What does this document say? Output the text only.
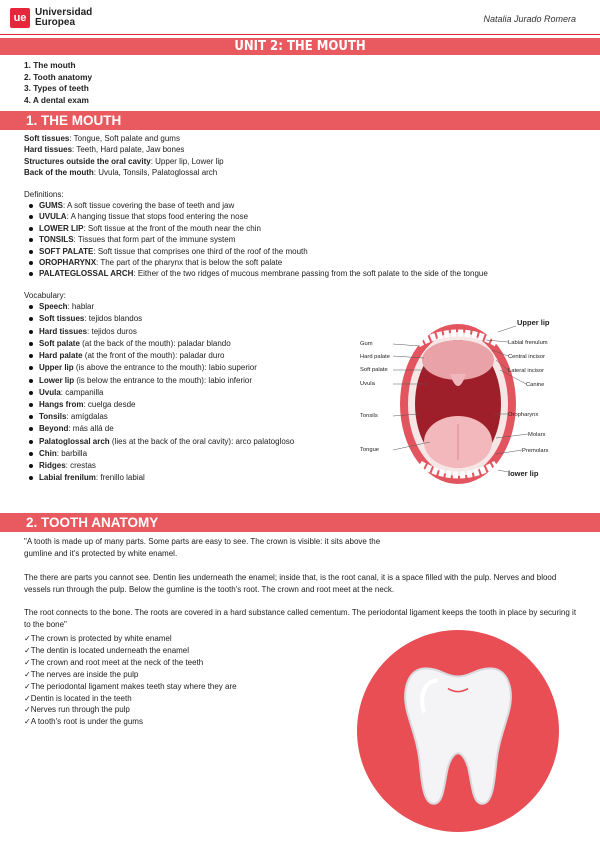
ue Universidad
Europea	Natalia Jurado Romera
UNIT 2: THE MOUTH
1. The mouth
2. Tooth anatomy
3. Types of teeth
4. A dental exam
1. THE MOUTH
Soft tissues: Tongue, Soft palate and gums
Hard tissues: Teeth, Hard palate, Jaw bones
Structures outside the oral cavity: Upper lip, Lower lip
Back of the mouth: Uvula, Tonsils, Palatoglossal arch
Definitions:
GUMS: A soft tissue covering the base of teeth and jaw
UVULA: A hanging tissue that stops food entering the nose
LOWER LIP: Soft tissue at the front of the mouth near the chin
TONSILS: Tissues that form part of the immune system
SOFT PALATE: Soft tissue that comprises one third of the roof of the mouth
OROPHARYNX: The part of the pharynx that is below the soft palate
PALATEGLOSSAL ARCH: Either of the two ridges of mucous membrane passing from the soft palate to the side of the tongue
Vocabulary:
Speech: hablar
Soft tissues: tejidos blandos
Hard tissues: tejidos duros
Soft palate (at the back of the mouth): paladar blando
Hard palate (at the front of the mouth): paladar duro
Upper lip (is above the entrance to the mouth): labio superior
Lower lip (is below the entrance to the mouth): labio inferior
Uvula: campanilla
Hangs from: cuelga desde
Tonsils: amígdalas
Beyond: más allá de
Palatoglossal arch (lies at the back of the oral cavity): arco palatogloso
Chin: barbilla
Ridges: crestas
Labial frenilum: frenillo labial
Gum
Hard palate
Soft palate
Uvula
Tonsils
Tongue
Upper lip
Labial frenulum
Central incisor
Lateral incisor
Canine
Oropharynx
Molars
Premolars
lower lip
2. TOOTH ANATOMY
"A tooth is made up of many parts. Some parts are easy to see. The crown is visible: it sits above the gumline and it's protected by white enamel.
The there are parts you cannot see. Dentin lies underneath the enamel; inside that, is the root canal, it is a space filled with the pulp. Nerves and blood vessels run through the pulp. Below the gumline is the tooth's root. The crown and root meet at the neck.
The root connects to the bone. The roots are covered in a hard substance called cementum. The periodontal ligament keeps the tooth in place by securing it to the bone"
✓The crown is protected by white enamel
✓The dentin is located underneath the enamel
✓The crown and root meet at the neck of the teeth
✓The nerves are inside the pulp
✓The periodontal ligament makes teeth stay where they are
✓Dentin is located in the teeth
✓Nerves run through the pulp
✓A tooth's root is under the gums
